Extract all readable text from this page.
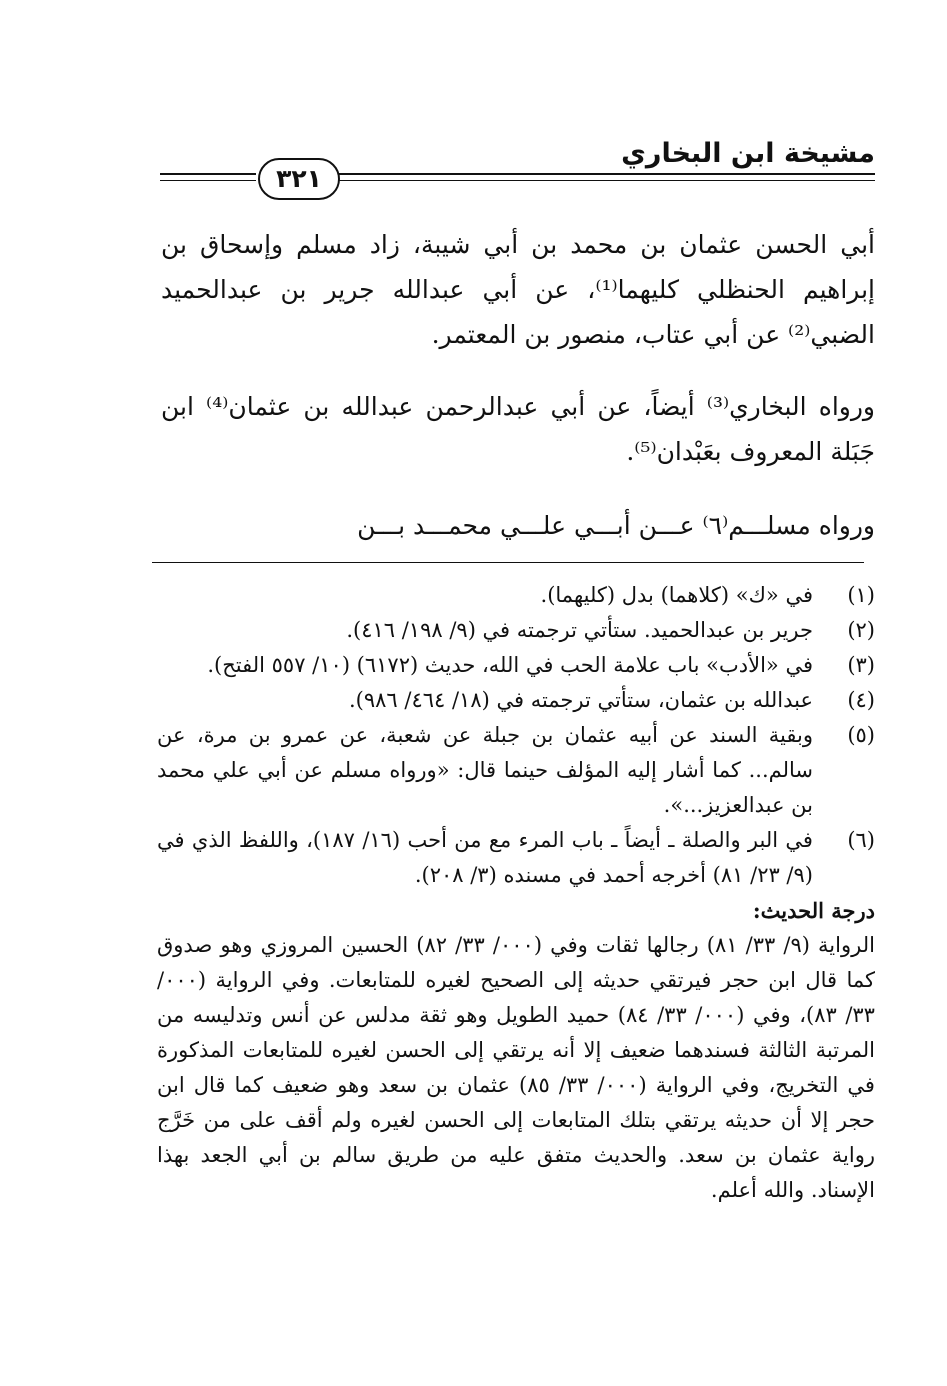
مشيخة ابن البخاري
٣٢١

أبي الحسن عثمان بن محمد بن أبي شيبة، زاد مسلم وإسحاق بن إبراهيم الحنظلي كليهما⁽¹⁾، عن أبي عبدالله جرير بن عبدالحميد الضبي⁽²⁾ عن أبي عتاب، منصور بن المعتمر.

ورواه البخاري⁽³⁾ أيضاً، عن أبي عبدالرحمن عبدالله بن عثمان⁽⁴⁾ ابن جَبَلة المعروف بعَبْدان⁽⁵⁾.

ورواه مسلـــم⁽٦⁾ عـــن أبـــي علـــي محمـــد بـــن

(١)
في «ك» (كلاهما) بدل (كليهما).
(٢)
جرير بن عبدالحميد. ستأتي ترجمته في (٩/ ١٩٨/ ٤١٦).
(٣)
في «الأدب» باب علامة الحب في الله، حديث (٦١٧٢) (١٠/ ٥٥٧ الفتح).
(٤)
عبدالله بن عثمان، ستأتي ترجمته في (١٨/ ٤٦٤/ ٩٨٦).
(٥)
وبقية السند عن أبيه عثمان بن جبلة عن شعبة، عن عمرو بن مرة، عن سالم... كما أشار إليه المؤلف حينما قال: «ورواه مسلم عن أبي علي محمد بن عبدالعزيز...».
(٦)
في البر والصلة ـ أيضاً ـ باب المرء مع من أحب (١٦/ ١٨٧)، واللفظ الذي في (٩/ ٢٣/ ٨١) أخرجه أحمد في مسنده (٣/ ٢٠٨).
درجة الحديث:
الرواية (٩/ ٣٣/ ٨١) رجالها ثقات وفي (٠٠٠/ ٣٣/ ٨٢) الحسين المروزي وهو صدوق كما قال ابن حجر فيرتقي حديثه إلى الصحيح لغيره للمتابعات. وفي الرواية (٠٠٠/ ٣٣/ ٨٣)، وفي (٠٠٠/ ٣٣/ ٨٤) حميد الطويل وهو ثقة مدلس عن أنس وتدليسه من المرتبة الثالثة فسندهما ضعيف إلا أنه يرتقي إلى الحسن لغيره للمتابعات المذكورة في التخريج، وفي الرواية (٠٠٠/ ٣٣/ ٨٥) عثمان بن سعد وهو ضعيف كما قال ابن حجر إلا أن حديثه يرتقي بتلك المتابعات إلى الحسن لغيره ولم أقف على من خَرَّج رواية عثمان بن سعد. والحديث متفق عليه من طريق سالم بن أبي الجعد بهذا الإسناد. والله أعلم.
